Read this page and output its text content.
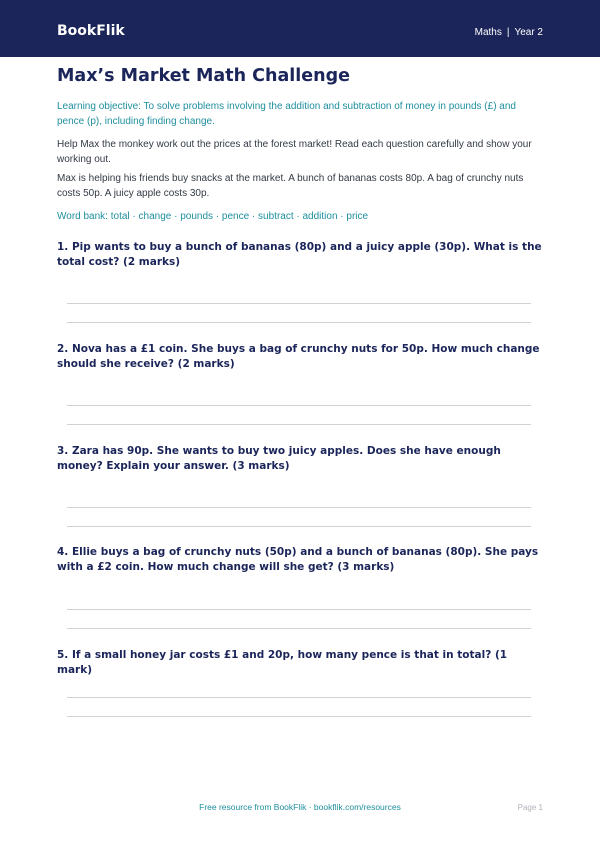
BookFlik	Maths | Year 2
Max’s Market Math Challenge

Learning objective: To solve problems involving the addition and subtraction of money in pounds (£) and pence (p), including finding change.

Help Max the monkey work out the prices at the forest market! Read each question carefully and show your working out.

Max is helping his friends buy snacks at the market. A bunch of bananas costs 80p. A bag of crunchy nuts costs 50p. A juicy apple costs 30p.

Word bank: total · change · pounds · pence · subtract · addition · price

1. Pip wants to buy a bunch of bananas (80p) and a juicy apple (30p). What is the total cost? (2 marks)

2. Nova has a £1 coin. She buys a bag of crunchy nuts for 50p. How much change should she receive? (2 marks)

3. Zara has 90p. She wants to buy two juicy apples. Does she have enough money? Explain your answer. (3 marks)

4. Ellie buys a bag of crunchy nuts (50p) and a bunch of bananas (80p). She pays with a £2 coin. How much change will she get? (3 marks)

5. If a small honey jar costs £1 and 20p, how many pence is that in total? (1 mark)

Free resource from BookFlik · bookflik.com/resources	Page 1
